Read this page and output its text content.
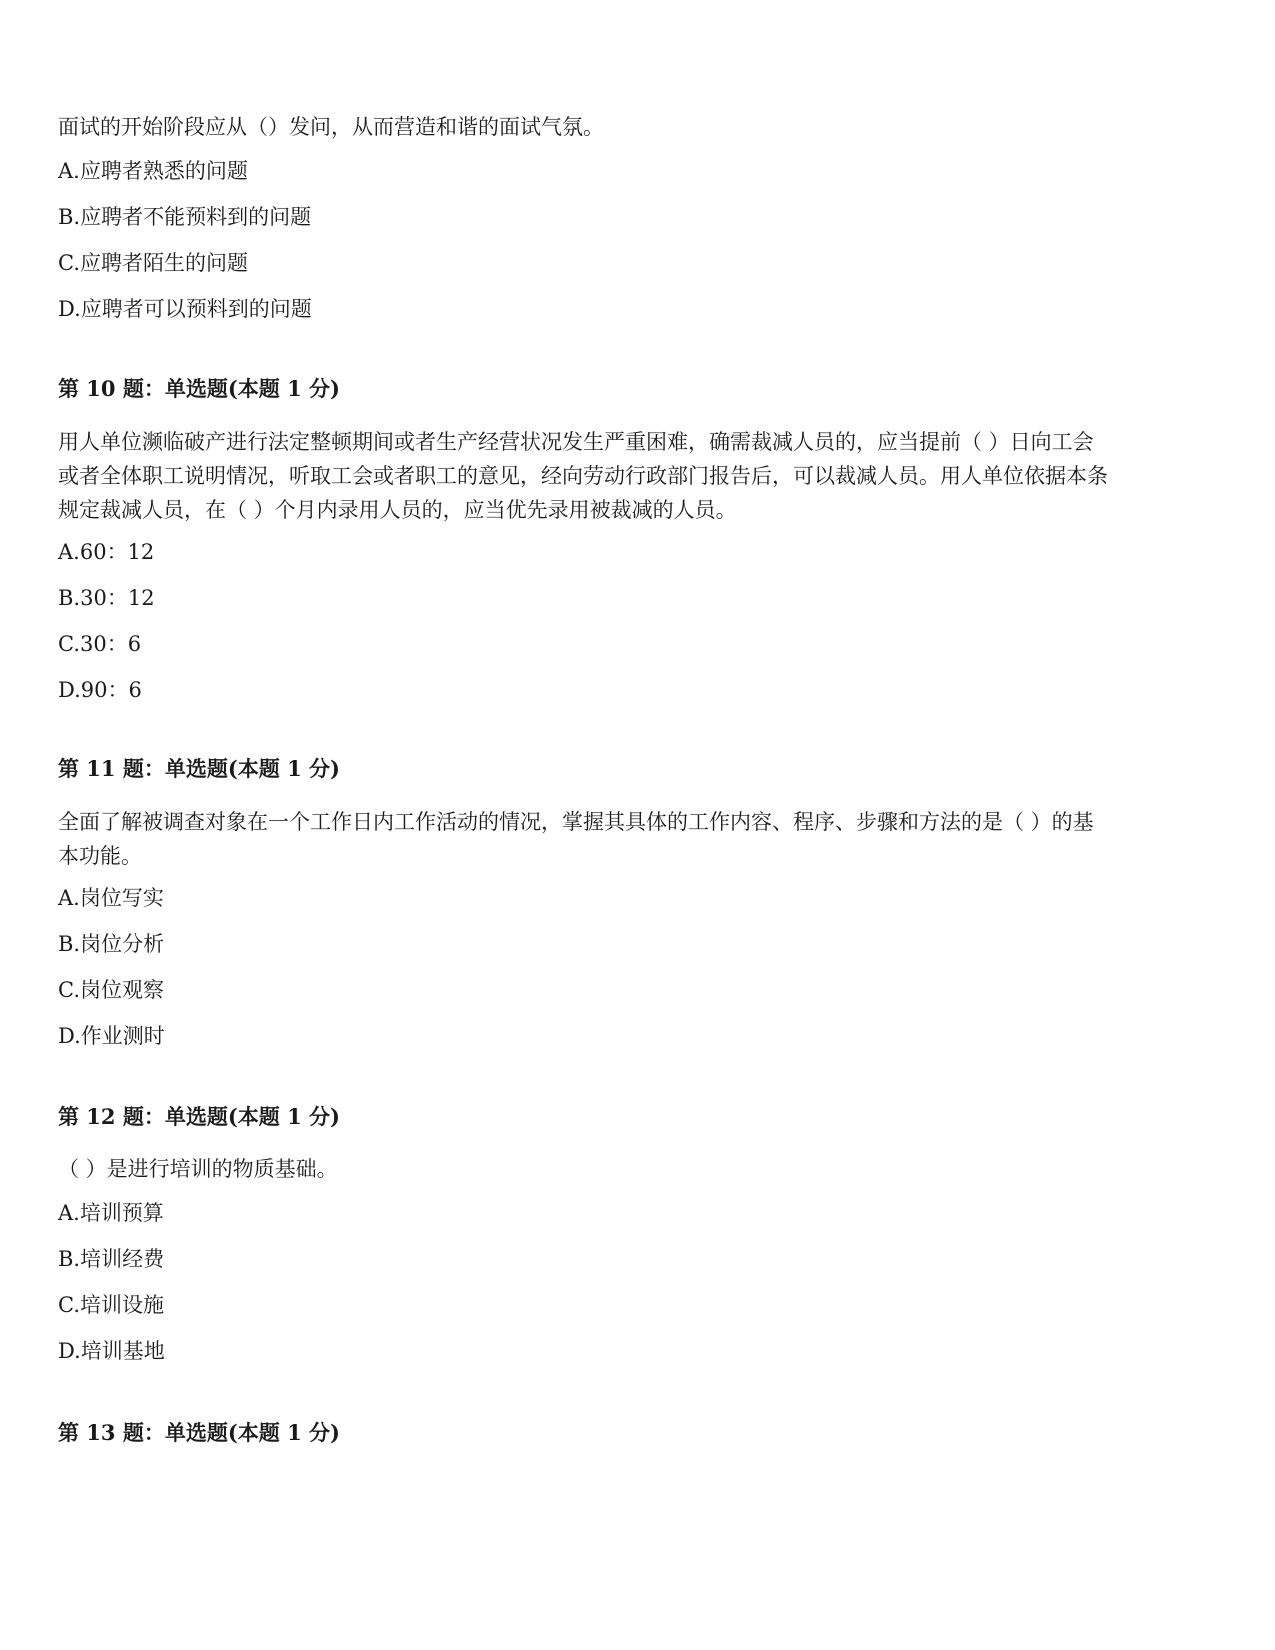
面试的开始阶段应从（）发问，从而营造和谐的面试气氛。

A.应聘者熟悉的问题

B.应聘者不能预料到的问题

C.应聘者陌生的问题

D.应聘者可以预料到的问题

第 10 题：单选题(本题 1 分)

用人单位濒临破产进行法定整顿期间或者生产经营状况发生严重困难，确需裁减人员的，应当提前（ ）日向工会

或者全体职工说明情况，听取工会或者职工的意见，经向劳动行政部门报告后，可以裁减人员。用人单位依据本条

规定裁减人员，在（ ）个月内录用人员的，应当优先录用被裁减的人员。

A.60：12

B.30：12

C.30：6

D.90：6

第 11 题：单选题(本题 1 分)

全面了解被调查对象在一个工作日内工作活动的情况，掌握其具体的工作内容、程序、步骤和方法的是（ ）的基

本功能。

A.岗位写实

B.岗位分析

C.岗位观察

D.作业测时

第 12 题：单选题(本题 1 分)

（ ）是进行培训的物质基础。

A.培训预算

B.培训经费

C.培训设施

D.培训基地

第 13 题：单选题(本题 1 分)
